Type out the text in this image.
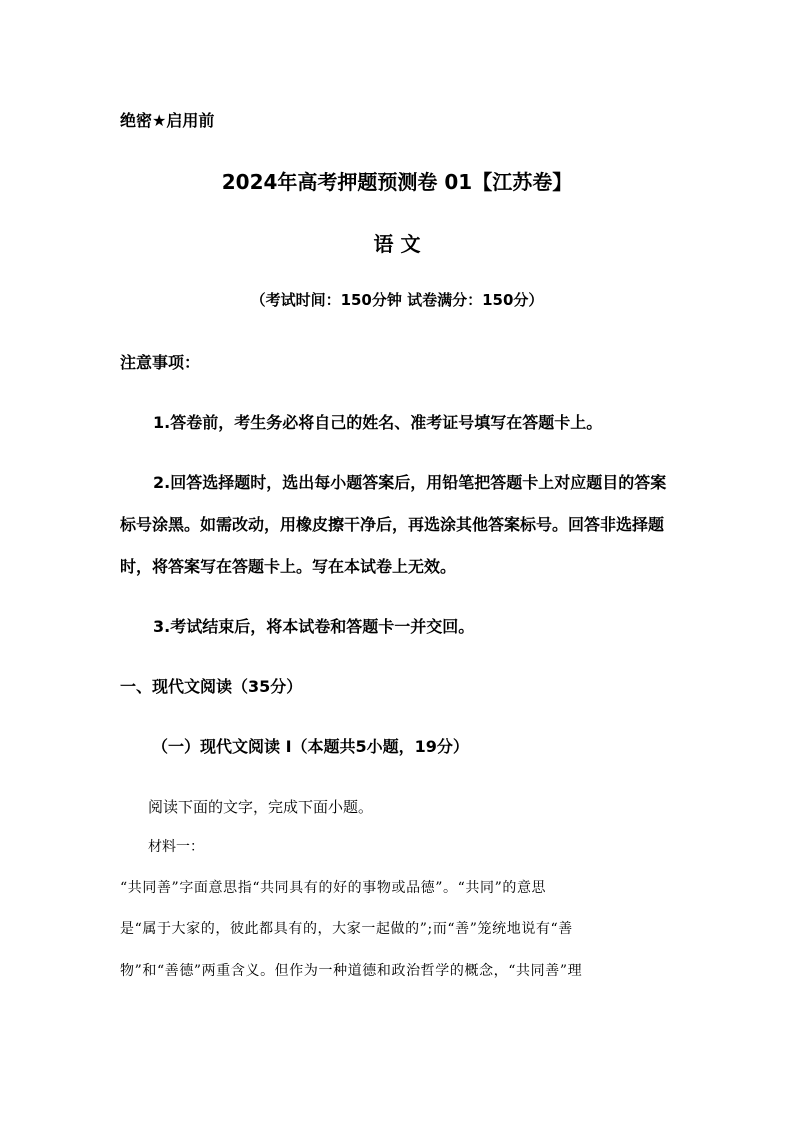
绝密★启用前
2024年高考押题预测卷 01【江苏卷】
语 文
（考试时间：150分钟 试卷满分：150分）
注意事项：
1.答卷前，考生务必将自己的姓名、准考证号填写在答题卡上。
2.回答选择题时，选出每小题答案后，用铅笔把答题卡上对应题目的答案
标号涂黑。如需改动，用橡皮擦干净后，再选涂其他答案标号。回答非选择题
时，将答案写在答题卡上。写在本试卷上无效。
3.考试结束后，将本试卷和答题卡一并交回。
一、现代文阅读（35分）
（一）现代文阅读 I（本题共5小题，19分）
阅读下面的文字，完成下面小题。
材料一：
“共同善”字面意思指“共同具有的好的事物或品德”。“共同”的意思
是“属于大家的，彼此都具有的，大家一起做的”;而“善”笼统地说有“善
物”和“善德”两重含义。但作为一种道德和政治哲学的概念，“共同善”理
